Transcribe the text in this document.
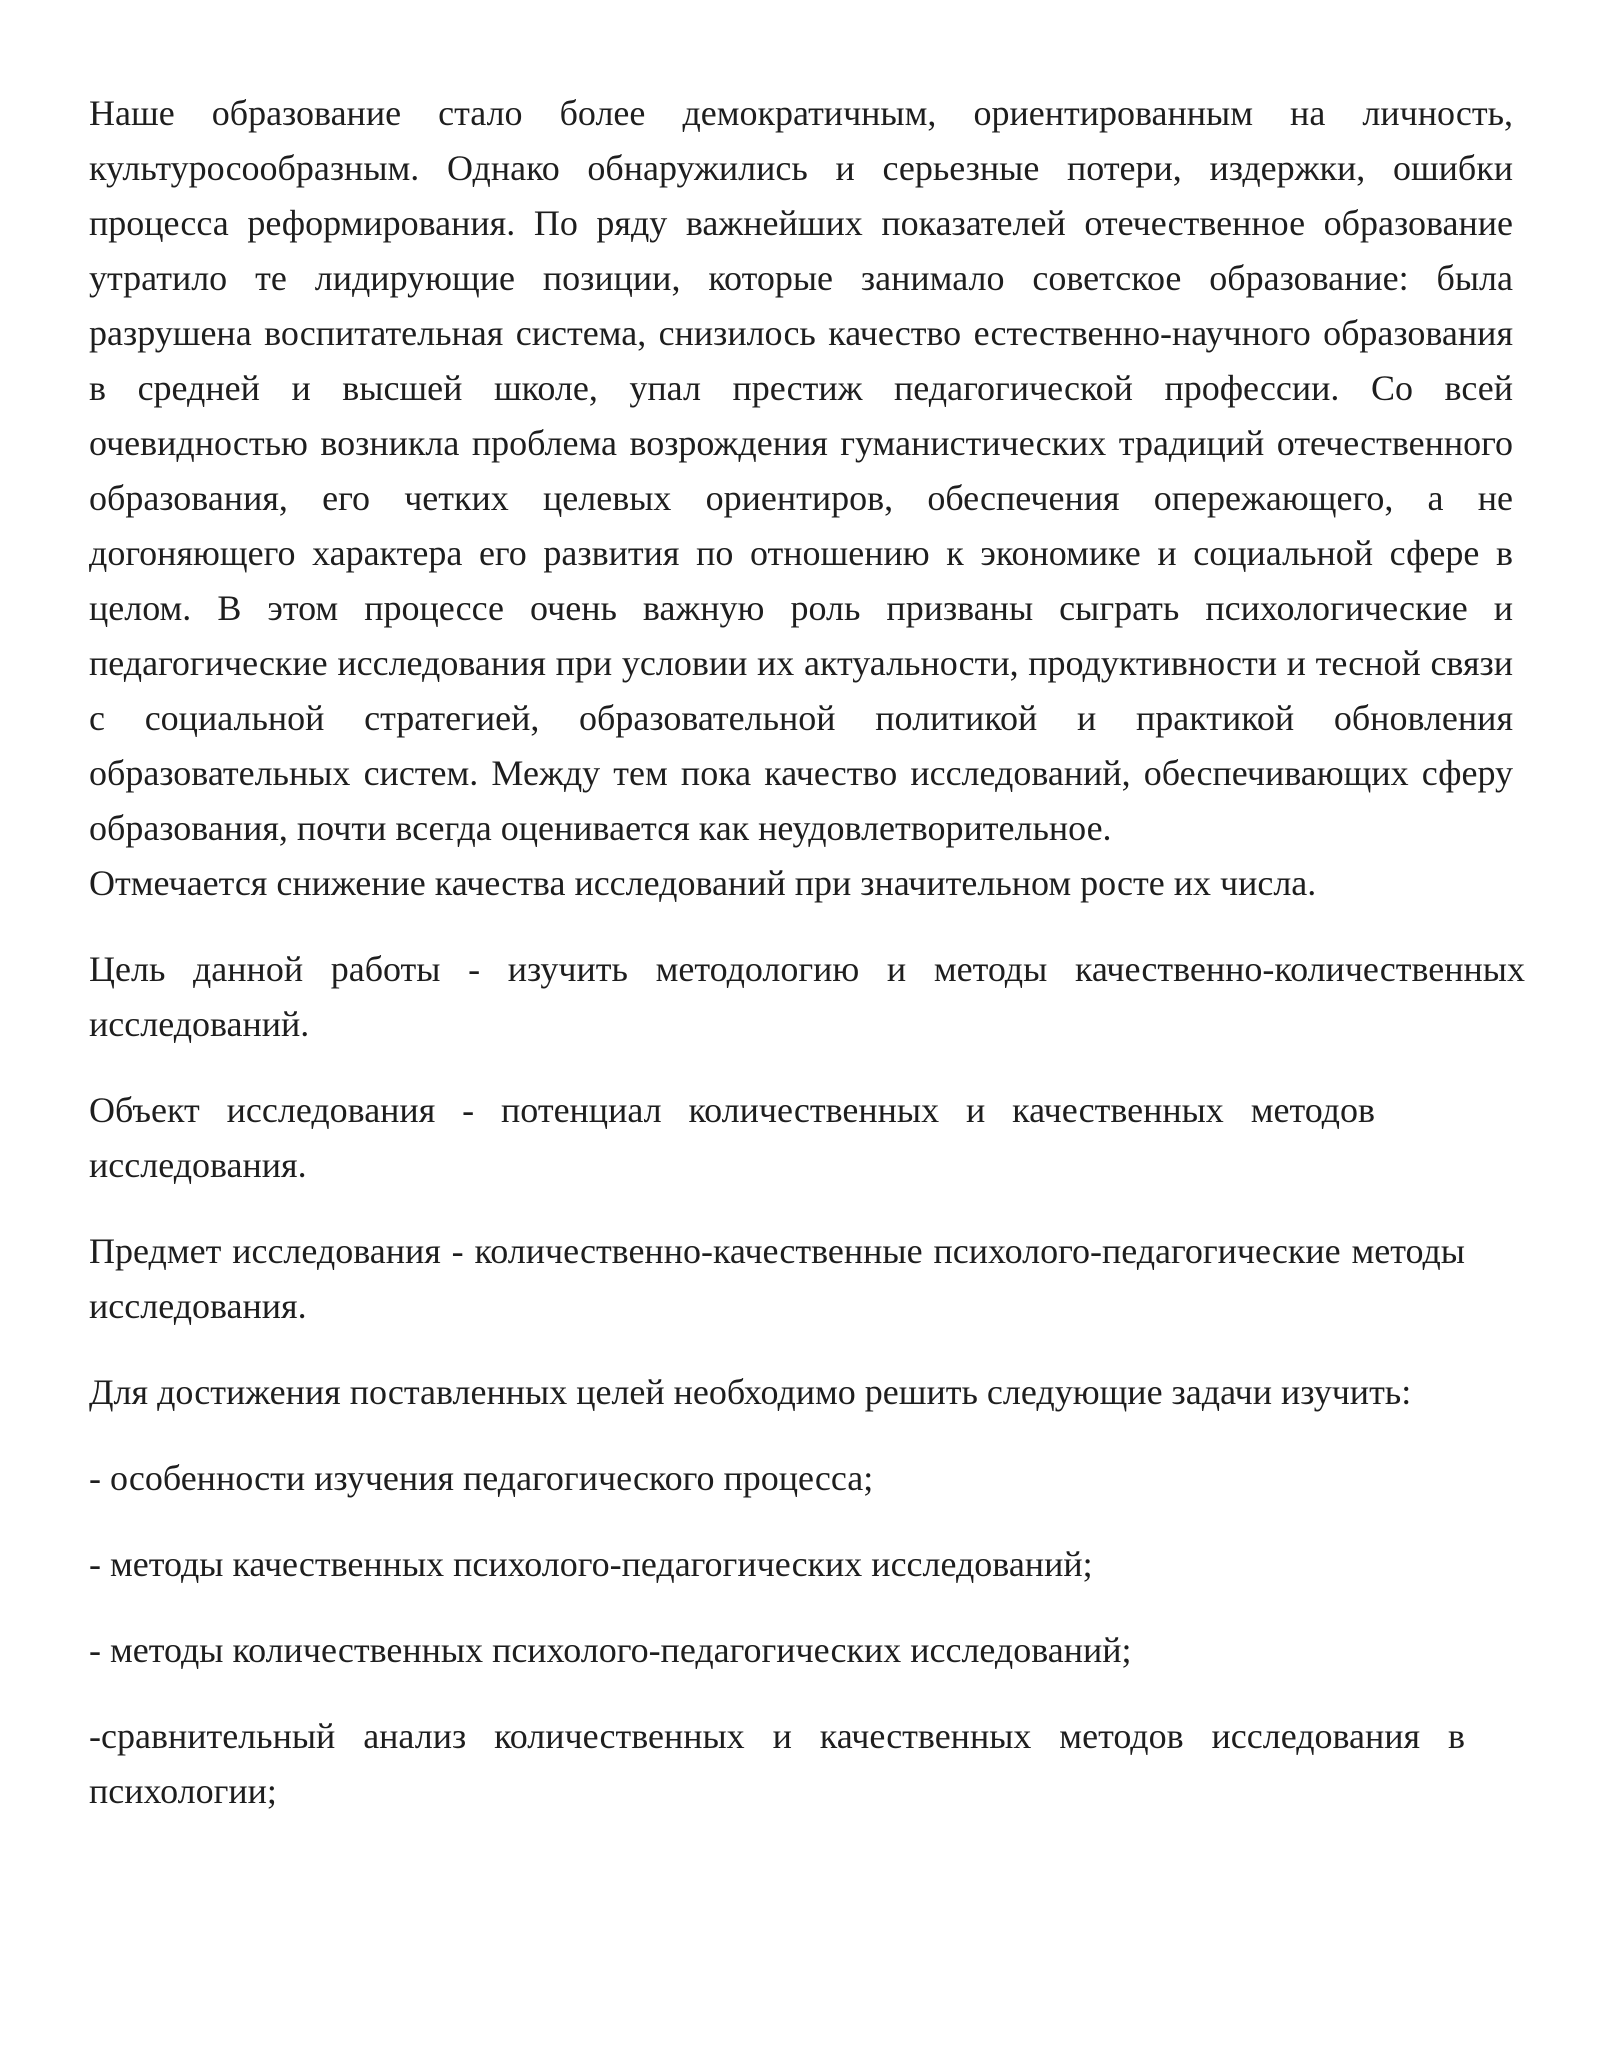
Наше образование стало более демократичным, ориентированным на личность, культуросообразным. Однако обнаружились и серьезные потери, издержки, ошибки процесса реформирования. По ряду важнейших показателей отечественное образование утратило те лидирующие позиции, которые занимало советское образование: была разрушена воспитательная система, снизилось качество естественно-научного образования в средней и высшей школе, упал престиж педагогической профессии. Со всей очевидностью возникла проблема возрождения гуманистических традиций отечественного образования, его четких целевых ориентиров, обеспечения опережающего, а не догоняющего характера его развития по отношению к экономике и социальной сфере в целом. В этом процессе очень важную роль призваны сыграть психологические и педагогические исследования при условии их актуальности, продуктивности и тесной связи с социальной стратегией, образовательной политикой и практикой обновления образовательных систем. Между тем пока качество исследований, обеспечивающих сферу образования, почти всегда оценивается как неудовлетворительное.

Отмечается снижение качества исследований при значительном росте их числа.

Цель данной работы - изучить методологию и методы качественно-количественных исследований.

Объект исследования - потенциал количественных и качественных методов исследования.

Предмет исследования - количественно-качественные психолого-педагогические методы исследования.

Для достижения поставленных целей необходимо решить следующие задачи изучить:

- особенности изучения педагогического процесса;

- методы качественных психолого-педагогических исследований;

- методы количественных психолого-педагогических исследований;

-сравнительный анализ количественных и качественных методов исследования в психологии;
